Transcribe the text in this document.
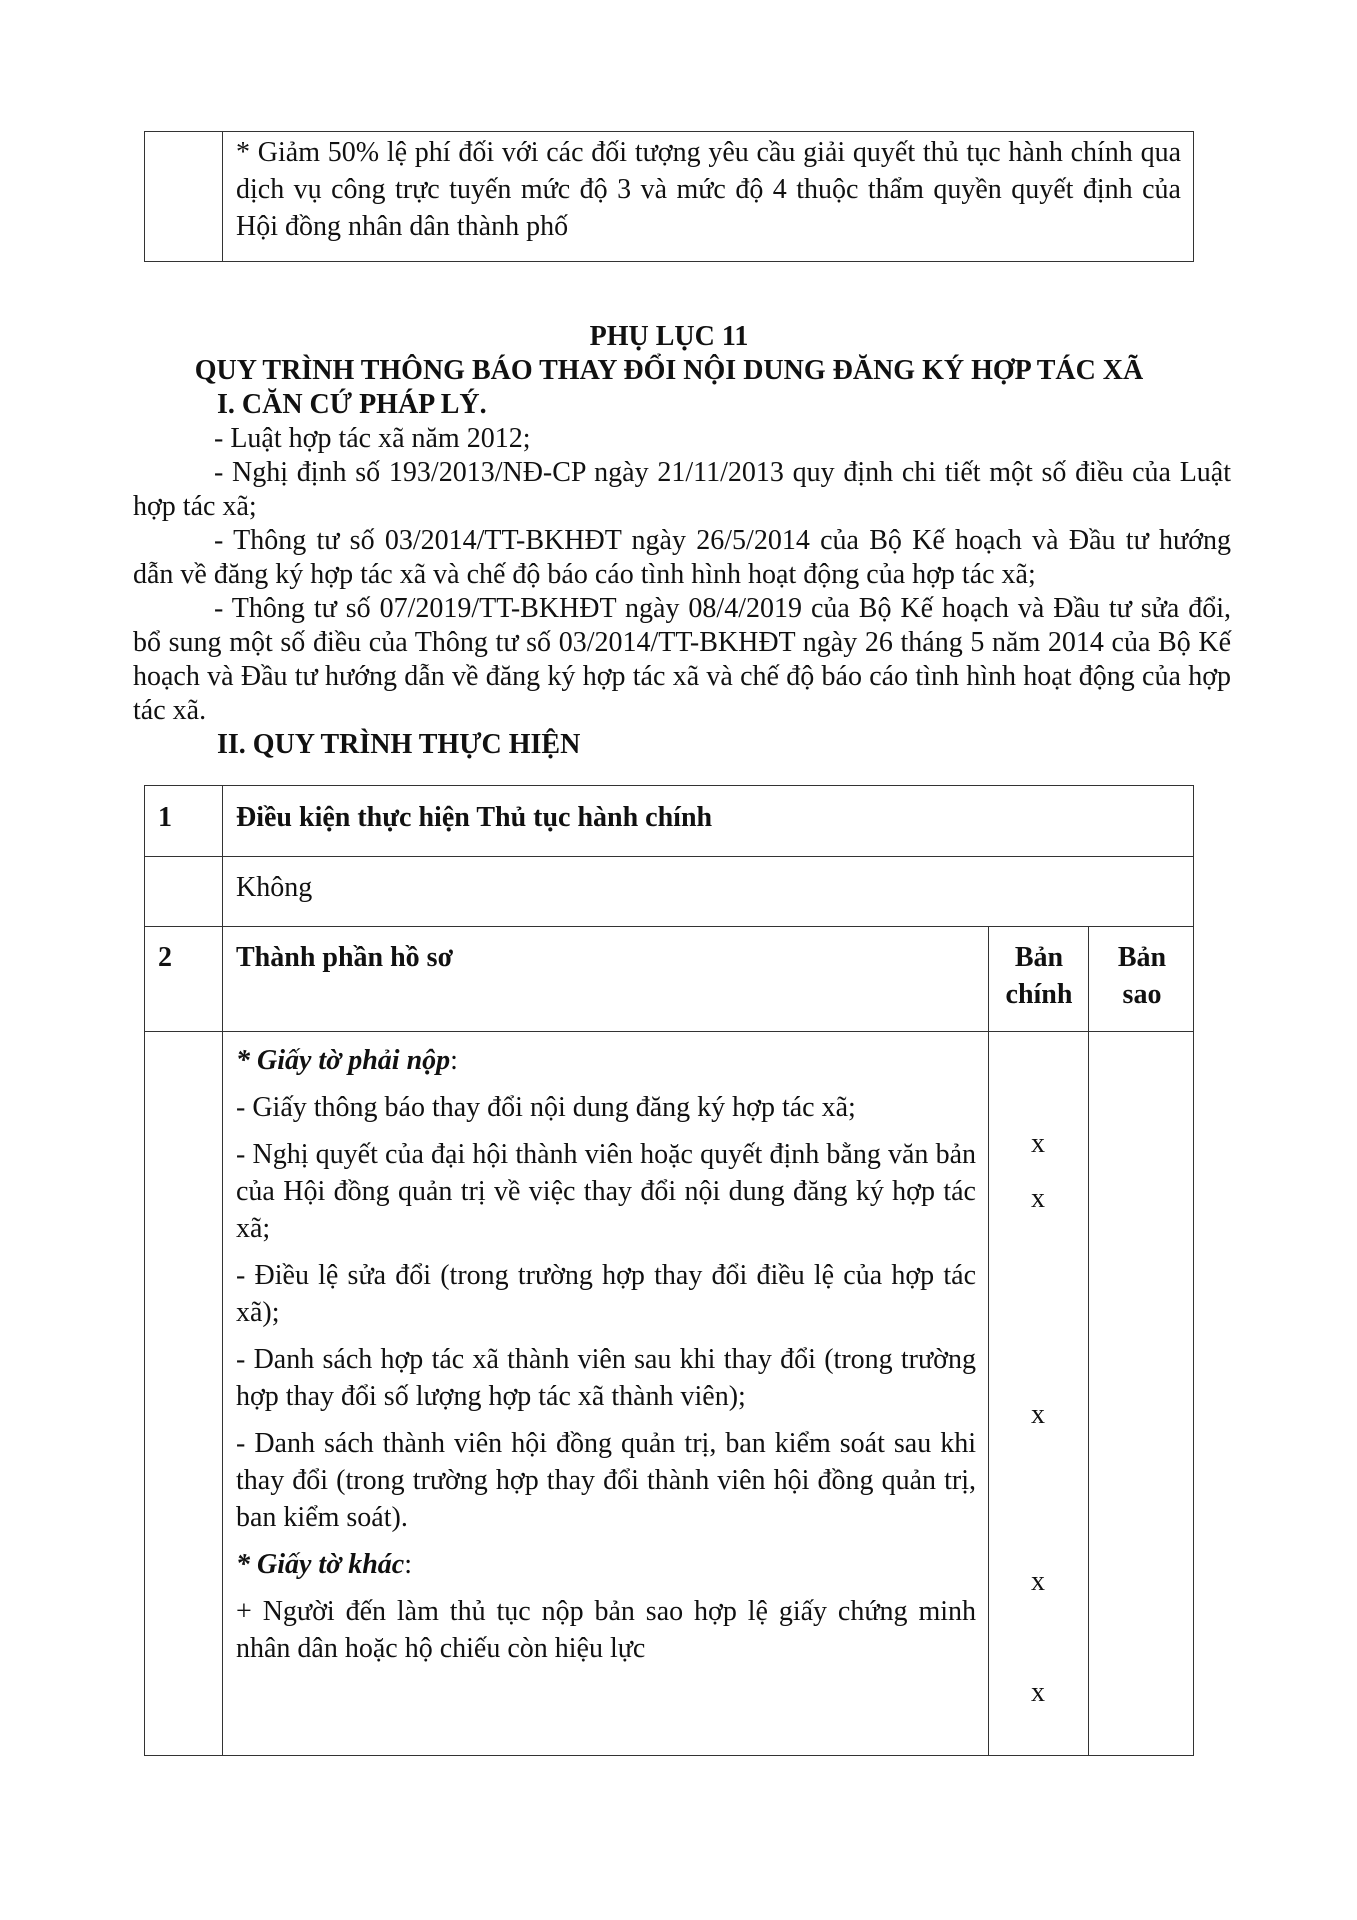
* Giảm 50% lệ phí đối với các đối tượng yêu cầu giải quyết thủ tục hành chính qua dịch vụ công trực tuyến mức độ 3 và mức độ 4 thuộc thẩm quyền quyết định của Hội đồng nhân dân thành phố
PHỤ LỤC 11
QUY TRÌNH THÔNG BÁO THAY ĐỔI NỘI DUNG ĐĂNG KÝ HỢP TÁC XÃ
I. CĂN CỨ PHÁP LÝ.
- Luật hợp tác xã năm 2012;
- Nghị định số 193/2013/NĐ-CP ngày 21/11/2013 quy định chi tiết một số điều của Luật hợp tác xã;
- Thông tư số 03/2014/TT-BKHĐT ngày 26/5/2014 của Bộ Kế hoạch và Đầu tư hướng dẫn về đăng ký hợp tác xã và chế độ báo cáo tình hình hoạt động của hợp tác xã;
- Thông tư số 07/2019/TT-BKHĐT ngày 08/4/2019 của Bộ Kế hoạch và Đầu tư sửa đổi, bổ sung một số điều của Thông tư số 03/2014/TT-BKHĐT ngày 26 tháng 5 năm 2014 của Bộ Kế hoạch và Đầu tư hướng dẫn về đăng ký hợp tác xã và chế độ báo cáo tình hình hoạt động của hợp tác xã.
II. QUY TRÌNH THỰC HIỆN
1 Điều kiện thực hiện Thủ tục hành chính
Không
2 Thành phần hồ sơ	Bản chính
Bản sao
* Giấy tờ phải nộp:
- Giấy thông báo thay đổi nội dung đăng ký hợp tác xã;
- Nghị quyết của đại hội thành viên hoặc quyết định bằng văn bản của Hội đồng quản trị về việc thay đổi nội dung đăng ký hợp tác xã;
- Điều lệ sửa đổi (trong trường hợp thay đổi điều lệ của hợp tác xã);
- Danh sách hợp tác xã thành viên sau khi thay đổi (trong trường hợp thay đổi số lượng hợp tác xã thành viên);
- Danh sách thành viên hội đồng quản trị, ban kiểm soát sau khi thay đổi (trong trường hợp thay đổi thành viên hội đồng quản trị, ban kiểm soát).
* Giấy tờ khác:
+ Người đến làm thủ tục nộp bản sao hợp lệ giấy chứng minh nhân dân hoặc hộ chiếu còn hiệu lực
x
x
x
x
x
